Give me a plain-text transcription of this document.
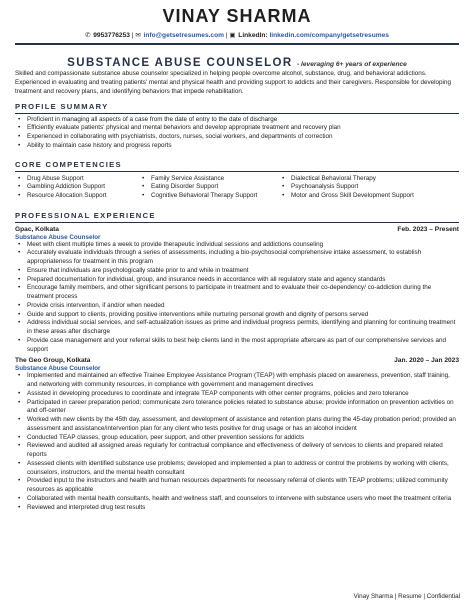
VINAY SHARMA
✆ 9953776253 | ✉ info@getsetresumes.com | ▣ LinkedIn: linkedin.com/company/getsetresumes
SUBSTANCE ABUSE COUNSELOR - leveraging 6+ years of experience
Skilled and compassionate substance abuse counselor specialized in helping people overcome alcohol, substance, drug, and behavioral addictions. Experienced in evaluating and treating patients' mental and physical health and providing support to addicts and their caregivers. Responsible for developing treatment and recovery plans, and identifying behaviors that impede rehabilitation.
PROFILE SUMMARY
• Proficient in managing all aspects of a case from the date of entry to the date of discharge
• Efficiently evaluate patients' physical and mental behaviors and develop appropriate treatment and recovery plan
• Experienced in collaborating with psychiatrists, doctors, nurses, social workers, and departments of correction
• Ability to maintain case history and progress reports
CORE COMPETENCIES
• Drug Abuse Support
• Gambling Addiction Support
• Resource Allocation Support
• Family Service Assistance
• Eating Disorder Support
• Cognitive Behavioral Therapy Support
• Dialectical Behavioral Therapy
• Psychoanalysis Support
• Motor and Gross Skill Development Support
PROFESSIONAL EXPERIENCE
Gpac, Kolkata	Feb. 2023 – Present
Substance Abuse Counselor
• Meet with client multiple times a week to provide therapeutic individual sessions and addictions counseling
• Accurately evaluate individuals through a series of assessments, including a bio-psychosocial comprehensive intake assessment, to establish appropriateness for treatment in this program
• Ensure that individuals are psychologically stable prior to and while in treatment
• Prepared documentation for individual, group, and insurance needs in accordance with all regulatory state and agency standards
• Encourage family members, and other significant persons to participate in treatment and to evaluate their co-dependency/ co-addiction during the treatment process
• Provide crisis intervention, if and/or when needed
• Guide and support to clients, providing positive interventions while nurturing personal growth and dignity of persons served
• Address individual social services, and self-actualization issues as prime and individual progress permits, identifying and planning for continuing treatment in these areas after discharge
• Provide case management and your referral skills to best help clients land in the most appropriate aftercare as part of our comprehensive services and support
The Geo Group, Kolkata	Jan. 2020 – Jan 2023
Substance Abuse Counselor
• Implemented and maintained an effective Trainee Employee Assistance Program (TEAP) with emphasis placed on awareness, prevention, staff training, and networking with community resources, in compliance with government and management directives
• Assisted in developing procedures to coordinate and integrate TEAP components with other center programs, policies and zero tolerance
• Participated in career preparation period; communicate zero tolerance policies related to substance abuse; provide information on prevention activities on and off-center
• Worked with new clients by the 45th day, assessment, and development of assistance and retention plans during the 45-day probation period; provided an assessment and assistance/intervention plan for any client who tests positive for drug usage or has an alcohol incident
• Conducted TEAP classes, group education, peer support, and other prevention sessions for addicts
• Reviewed and audited all assigned areas regularly for contractual compliance and effectiveness of delivery of services to clients and prepared related reports
• Assessed clients with identified substance use problems; developed and implemented a plan to address or control the problems by working with clients, counselors, instructors, and the mental health consultant
• Provided input to the instructors and health and human resources departments for necessary referral of clients with TEAP problems; utilized community resources as applicable
• Collaborated with mental health consultants, health and wellness staff, and counselors to intervene with substance users who meet the treatment criteria
• Reviewed and interpreted drug test results
Vinay Sharma | Resume | Confidential
